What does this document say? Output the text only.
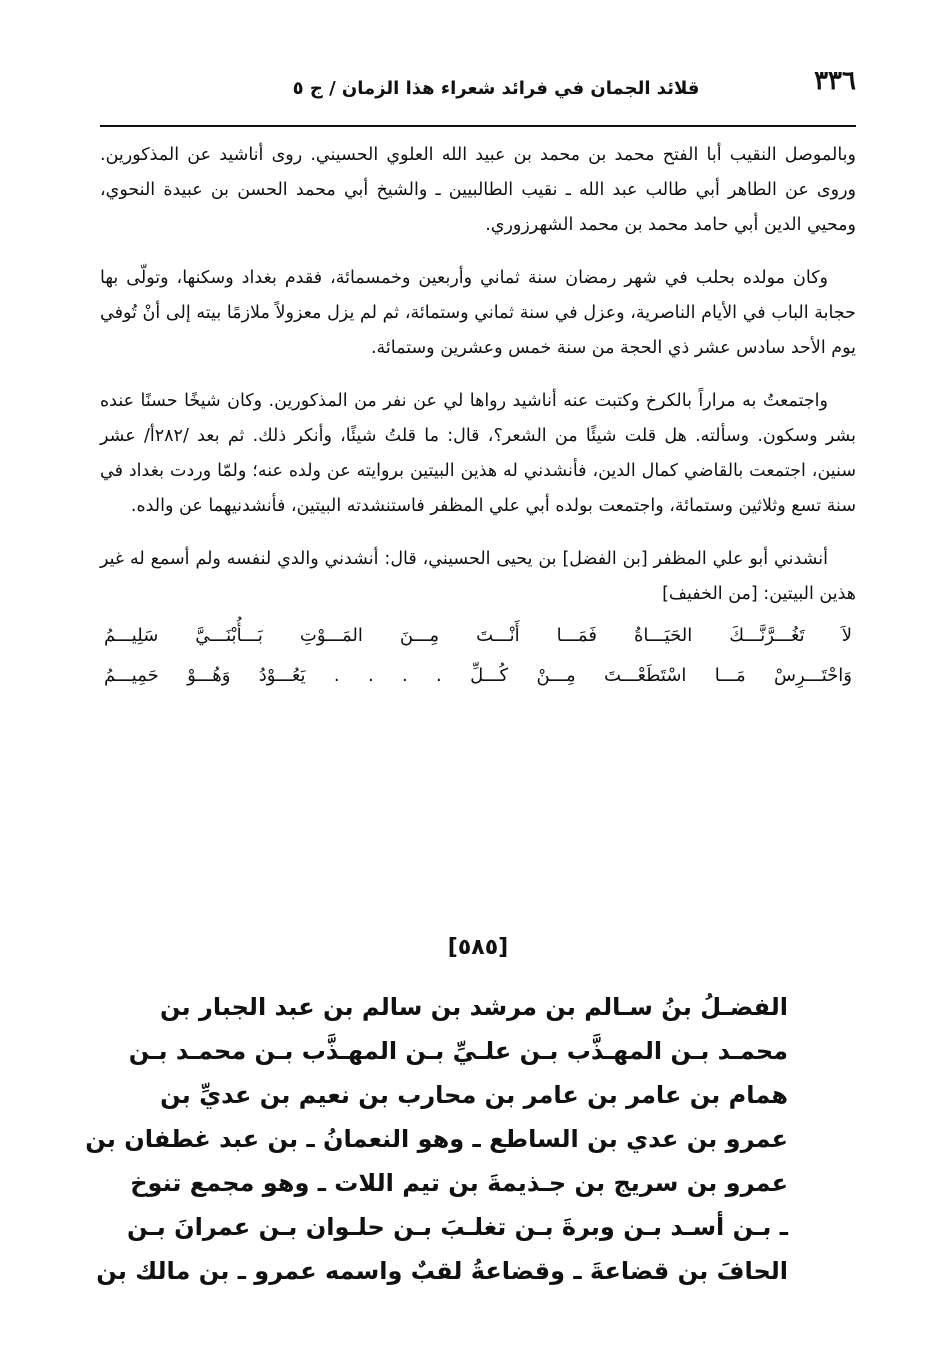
٣٣٦
قلائد الجمان في فرائد شعراء هذا الزمان / ج ٥

وبالموصل النقيب أبا الفتح محمد بن محمد بن عبيد الله العلوي الحسيني. روى أناشيد عن المذكورين. وروى عن الطاهر أبي طالب عبد الله ـ نقيب الطالبيين ـ والشيخ أبي محمد الحسن بن عبيدة النحوي، ومحيي الدين أبي حامد محمد بن محمد الشهرزوري.

وكان مولده بحلب في شهر رمضان سنة ثماني وأربعين وخمسمائة، فقدم بغداد وسكنها، وتولّى بها حجابة الباب في الأيام الناصرية، وعزل في سنة ثماني وستمائة، ثم لم يزل معزولاً ملازمًا بيته إلى أنْ تُوفي يوم الأحد سادس عشر ذي الحجة من سنة خمس وعشرين وستمائة.

واجتمعتُ به مراراً بالكرخ وكتبت عنه أناشيد رواها لي عن نفر من المذكورين. وكان شيخًا حسنًا عنده بشر وسكون. وسألته. هل قلت شيئًا من الشعر؟، قال: ما قلتُ شيئًا، وأنكر ذلك. ثم بعد /٢٨٢أ/ عشر سنين، اجتمعت بالقاضي كمال الدين، فأنشدني له هذين البيتين بروايته عن ولده عنه؛ ولمّا وردت بغداد في سنة تسع وثلاثين وستمائة، واجتمعت بولده أبي علي المظفر فاستنشدته البيتين، فأنشدنيهما عن والده.

أنشدني أبو علي المظفر [بن الفضل] بن يحيى الحسيني، قال: أنشدني والدي لنفسه ولم أسمع له غير هذين البيتين: [من الخفيف]

لاَ تَغُـــرَّنَّـــكَ الحَيَـــاةُ فَمَـــا أَنْـــتَ مِـــنَ المَـــوْتِ بَـــأُبْنَـــيَّ سَلِيـــمُ

وَاحْتَـــرِسْ مَـــا اسْتَطَعْـــتَ مِـــنْ كُـــلِّ . . . . يَعُـــوْدُ وَهُـــوْ حَمِيـــمُ

[٥٨٥]
الفضـلُ بنُ سـالم بن مرشد بن سالم بن عبد الجبار بن
محمـد بـن المهـذَّب بـن علـيِّ بـن المهـذَّب بـن محمـد بـن
همام بن عامر بن عامر بن محارب بن نعيم بن عديِّ بن
عمرو بن عدي بن الساطع ـ وهو النعمانُ ـ بن عبد غطفان بن
عمرو بن سريج بن جـذيمةَ بن تيم اللات ـ وهو مجمع تنوخ
ـ بـن أسـد بـن وبرةَ بـن تغلـبَ بـن حلـوان بـن عمرانَ بـن
الحافَ بن قضاعةَ ـ وقضاعةُ لقبٌ واسمه عمرو ـ بن مالك بن
